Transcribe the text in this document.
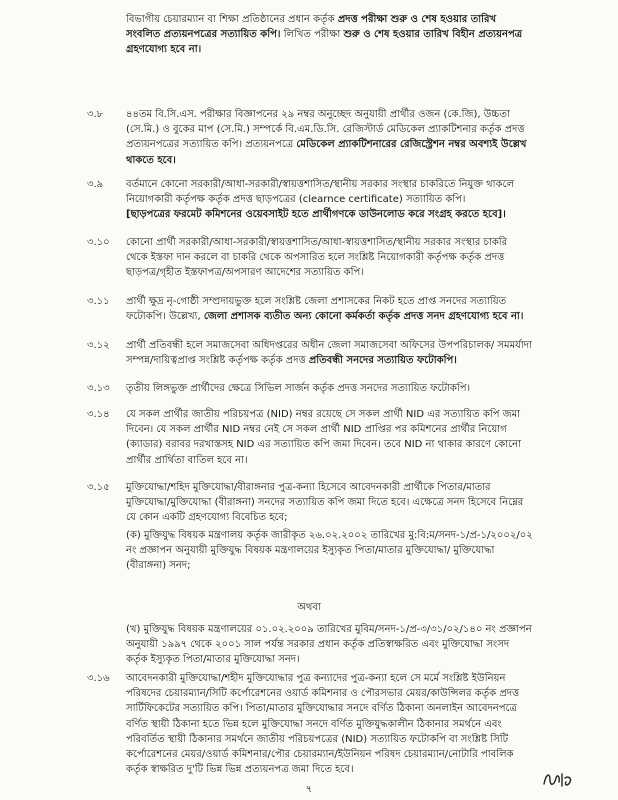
বিভাগীয় চেয়ারম্যান বা শিক্ষা প্রতিষ্ঠানের প্রধান কর্তৃক প্রদত্ত পরীক্ষা শুরু ও শেষ হওয়ার তারিখ
সংবলিত প্রত্যয়নপত্রের সত্যায়িত কপি। লিখিত পরীক্ষা শুরু ও শেষ হওয়ার তারিখ বিহীন প্রত্যয়নপত্র
গ্রহণযোগ্য হবে না।
৩.৮ ৪৪তম বি.সি.এস. পরীক্ষার বিজ্ঞাপনের ২৯ নম্বর অনুচ্ছেদ অনুযায়ী প্রার্থীর ওজন (কে.জি), উচ্চতা
(সে.মি.) ও বুকের মাপ (সে.মি.) সম্পর্কে বি.এম.ডি.সি. রেজিস্টার্ড মেডিকেল প্র্যাকটিশনার কর্তৃক প্রদত্ত
প্রত্যয়নপত্রের সত্যায়িত কপি। প্রত্যয়নপত্রে মেডিকেল প্র্যাকটিশনারের রেজিস্ট্রেশন নম্বর অবশ্যই উল্লেখ
থাকতে হবে।
৩.৯ বর্তমানে কোনো সরকারী/আধা-সরকারী/স্বায়ত্তশাসিত/স্থানীয় সরকার সংস্থার চাকরিতে নিযুক্ত থাকলে
নিয়োগকারী কর্তৃপক্ষ কর্তৃক প্রদত্ত ছাড়পত্রের (clearnce certificate) সত্যায়িত কপি।
[ছাড়পত্রের ফরমেট কমিশনের ওয়েবসাইট হতে প্রার্থীগণকে ডাউনলোড করে সংগ্রহ করতে হবে]।
৩.১০ কোনো প্রার্থী সরকারী/আধা-সরকারী/স্বায়ত্তশাসিত/আধা-স্বায়ত্তশাসিত/স্থানীয় সরকার সংস্থার চাকরি
থেকে ইস্তফা দান করলে বা চাকরি থেকে অপসারিত হলে সংশ্লিষ্ট নিয়োগকারী কর্তৃপক্ষ কর্তৃক প্রদত্ত
ছাড়পত্র/গৃহীত ইস্তফাপত্র/অপসারণ আদেশের সত্যায়িত কপি।
৩.১১ প্রার্থী ক্ষুদ্র নৃ-গোষ্ঠী সম্প্রদায়ভুক্ত হলে সংশ্লিষ্ট জেলা প্রশাসকের নিকট হতে প্রাপ্ত সনদের সত্যায়িত
ফটোকপি। উল্লেখ্য, জেলা প্রশাসক ব্যতীত অন্য কোনো কর্মকর্তা কর্তৃক প্রদত্ত সনদ গ্রহণযোগ্য হবে না।
৩.১২ প্রার্থী প্রতিবন্ধী হলে সমাজসেবা অধিদপ্তরের অধীন জেলা সমাজসেবা অফিসের উপপরিচালক/ সমমর্যাদা
সম্পন্ন/দায়িত্বপ্রাপ্ত সংশ্লিষ্ট কর্তৃপক্ষ কর্তৃক প্রদত্ত প্রতিবন্ধী সনদের সত্যায়িত ফটোকপি।
৩.১৩ তৃতীয় লিঙ্গভুক্ত প্রার্থীদের ক্ষেত্রে সিভিল সার্জন কর্তৃক প্রদত্ত সনদের সত্যায়িত ফটোকপি।
৩.১৪ যে সকল প্রার্থীর জাতীয় পরিচয়পত্র (NID) নম্বর রয়েছে সে সকল প্রার্থী NID এর সত্যায়িত কপি জমা
দিবেন। যে সকল প্রার্থীর NID নম্বর নেই সে সকল প্রার্থী NID প্রাপ্তির পর কমিশনের প্রার্থীর নিয়োগ
(ক্যাডার) বরাবর দরখাস্তসহ NID এর সত্যায়িত কপি জমা দিবেন। তবে NID না থাকার কারণে কোনো
প্রার্থীর প্রার্থিতা বাতিল হবে না।
৩.১৫ মুক্তিযোদ্ধা/শহিদ মুক্তিযোদ্ধা/বীরাঙ্গনার পুত্র-কন্যা হিসেবে আবেদনকারী প্রার্থীকে পিতার/মাতার
মুক্তিযোদ্ধা/মুক্তিযোদ্ধা (বীরাঙ্গনা) সনদের সত্যায়িত কপি জমা দিতে হবে। এক্ষেত্রে সনদ হিসেবে নিম্নের
যে কোন একটি গ্রহণযোগ্য বিবেচিত হবে;
(ক) মুক্তিযুদ্ধ বিষয়ক মন্ত্রণালয় কর্তৃক জারীকৃত ২৬.০২.২০০২ তারিখের মু:বি:ম/সনদ-১/প্র-১/২০০২/০২
নং প্রজ্ঞাপন অনুযায়ী মুক্তিযুদ্ধ বিষয়ক মন্ত্রণালয়ের ইস্যুকৃত পিতা/মাতার মুক্তিযোদ্ধা/ মুক্তিযোদ্ধা
(বীরাঙ্গনা) সনদ;
অথবা
(খ) মুক্তিযুদ্ধ বিষয়ক মন্ত্রণালয়ের ০১.০২.২০০৯ তারিখের মুবিম/সনদ-১/প্র-৩/৩১/০২/১৪০ নং প্রজ্ঞাপন
অনুযায়ী ১৯৯৭ থেকে ২০০১ সাল পর্যন্ত সরকার প্রধান কর্তৃক প্রতিস্বাক্ষরিত এবং মুক্তিযোদ্ধা সংসদ
কর্তৃক ইস্যুকৃত পিতা/মাতার মুক্তিযোদ্ধা সনদ।
৩.১৬ আবেদনকারী মুক্তিযোদ্ধা/শহীদ মুক্তিযোদ্ধার পুত্র কন্যাদের পুত্র-কন্যা হলে সে মর্মে সংশ্লিষ্ট ইউনিয়ন
পরিষদের চেয়ারম্যান/সিটি কর্পোরেশনের ওয়ার্ড কমিশনার ও পৌরসভার মেয়র/কাউন্সিলর কর্তৃক প্রদত্ত
সার্টিফিকেটের সত্যায়িত কপি। পিতা/মাতার মুক্তিযোদ্ধার সনদে বর্ণিত ঠিকানা অনলাইন আবেদনপত্রে
বর্ণিত স্থায়ী ঠিকানা হতে ভিন্ন হলে মুক্তিযোদ্ধা সনদে বর্ণিত মুক্তিযুদ্ধকালীন ঠিকানার সমর্থনে এবং
পরিবর্তিত স্থায়ী ঠিকানার সমর্থনে জাতীয় পরিচয়পত্রের (NID) সত্যায়িত ফটোকপি বা সংশ্লিষ্ট সিটি
কর্পোরেশনের মেয়র/ওয়ার্ড কমিশনার/পৌর চেয়ারম্যান/ইউনিয়ন পরিষদ চেয়ারম্যান/নোটারি পাবলিক
কর্তৃক স্বাক্ষরিত দু'টি ভিন্ন ভিন্ন প্রত্যয়নপত্র জমা দিতে হবে।
৭
